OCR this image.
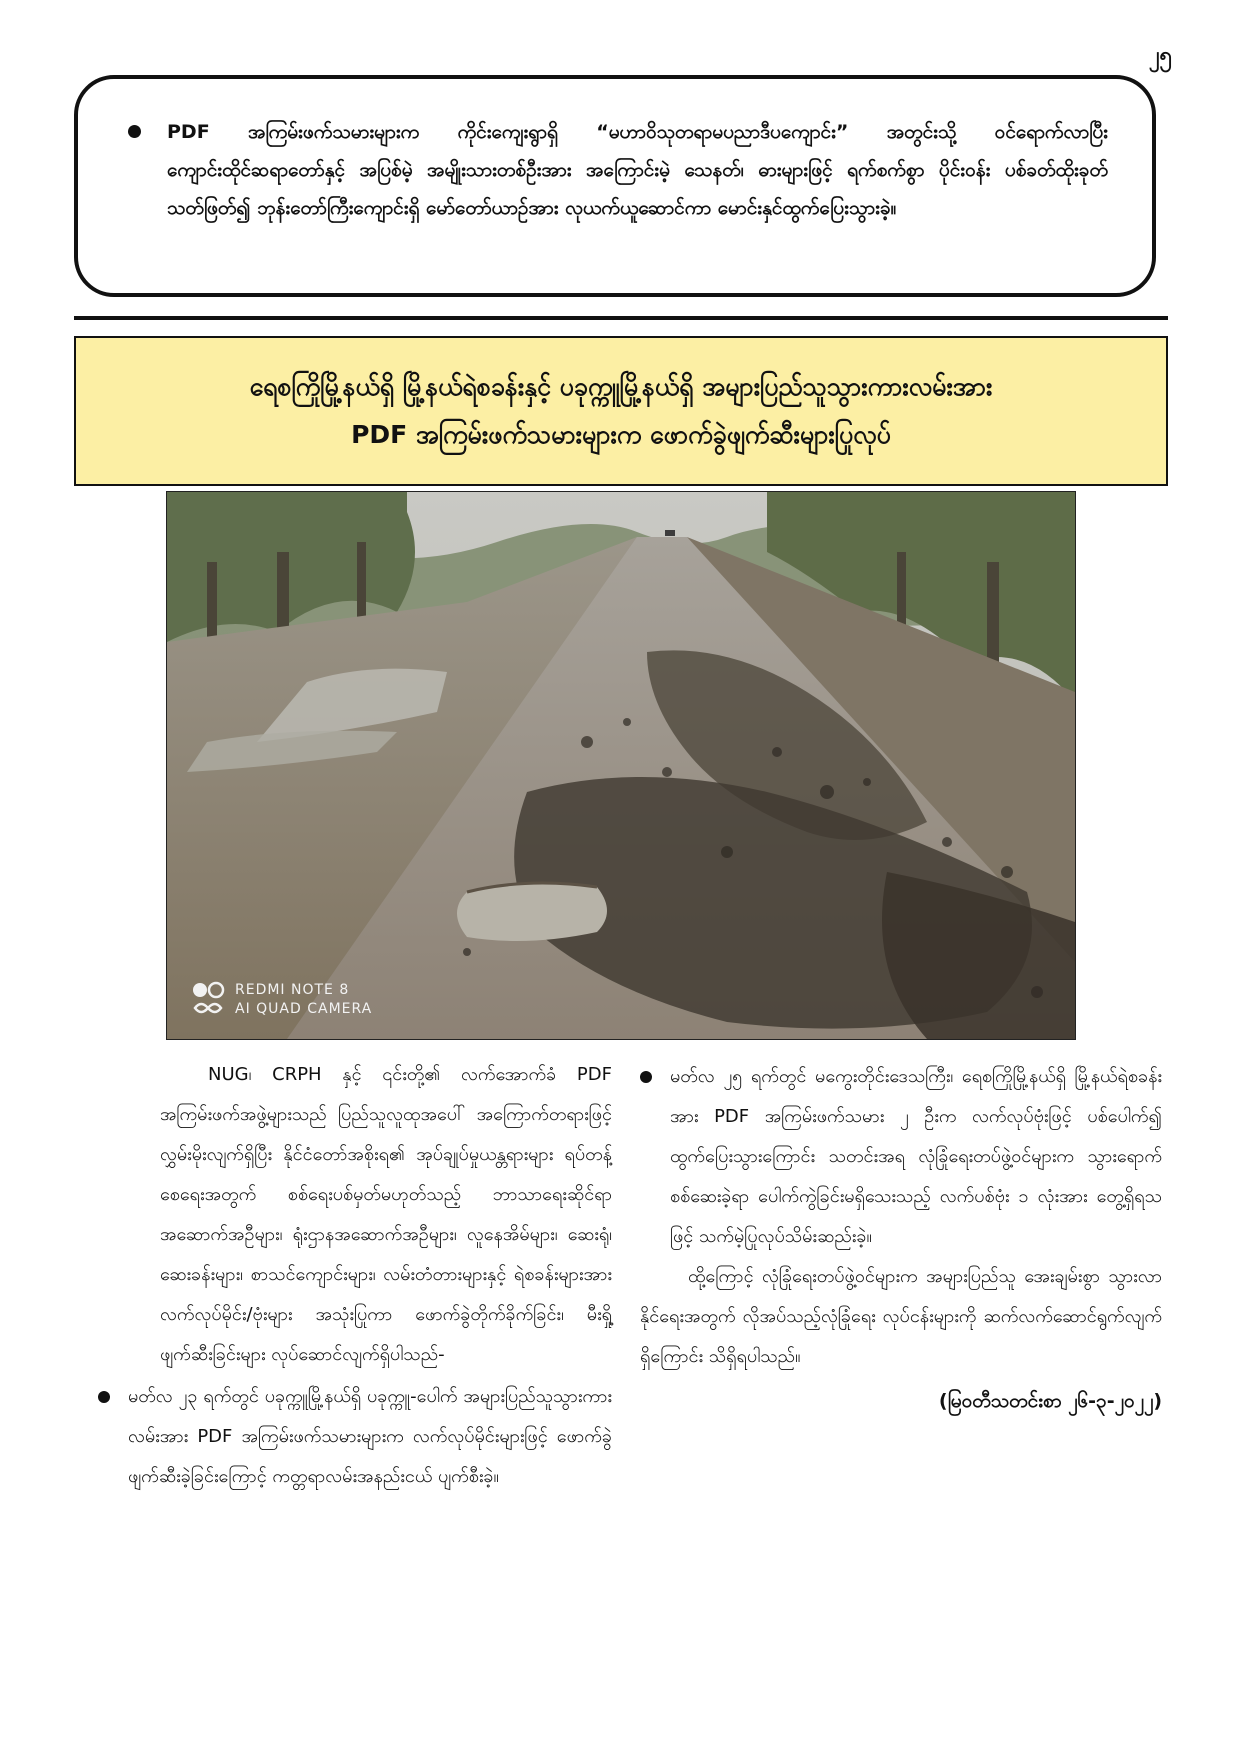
၂၅
PDF အကြမ်းဖက်သမားများက ကိုင်းကျေးရွာရှိ “မဟာဝိသုတရာမပညာဒီပကျောင်း” အတွင်းသို့ ဝင်ရောက်လာပြီး ကျောင်းထိုင်ဆရာတော်နှင့် အပြစ်မဲ့ အမျိုးသားတစ်ဦးအား အကြောင်းမဲ့ သေနတ်၊ ဓားများဖြင့် ရက်စက်စွာ ပိုင်းဝန်း ပစ်ခတ်ထိုးခုတ်သတ်ဖြတ်၍ ဘုန်းတော်ကြီးကျောင်းရှိ မော်တော်ယာဉ်အား လုယက်ယူဆောင်ကာ မောင်းနှင်ထွက်ပြေးသွားခဲ့။
ရေစကြိုမြို့နယ်ရှိ မြို့နယ်ရဲစခန်းနှင့် ပခုက္ကူမြို့နယ်ရှိ အများပြည်သူသွားကားလမ်းအား
PDF အကြမ်းဖက်သမားများက ဖောက်ခွဲဖျက်ဆီးများပြုလုပ်
REDMI NOTE 8
AI QUAD CAMERA

NUG၊ CRPH နှင့် ၎င်းတို့၏ လက်အောက်ခံ PDF အကြမ်းဖက်အဖွဲ့များသည် ပြည်သူလူထုအပေါ် အကြောက်တရားဖြင့် လွှမ်းမိုးလျက်ရှိပြီး နိုင်ငံတော်အစိုးရ၏ အုပ်ချုပ်မှုယန္တရားများ ရပ်တန့်စေရေးအတွက် စစ်ရေးပစ်မှတ်မဟုတ်သည့် ဘာသာရေးဆိုင်ရာအဆောက်အဦများ၊ ရုံးဌာနအဆောက်အဦများ၊ လူနေအိမ်များ၊ ဆေးရုံ၊ ဆေးခန်းများ၊ စာသင်ကျောင်းများ၊ လမ်းတံတားများနှင့် ရဲစခန်းများအား လက်လုပ်မိုင်း/ဗုံးများ အသုံးပြုကာ ဖောက်ခွဲတိုက်ခိုက်ခြင်း၊ မီးရှို့ဖျက်ဆီးခြင်းများ လုပ်ဆောင်လျက်ရှိပါသည်-

မတ်လ ၂၃ ရက်တွင် ပခုက္ကူမြို့နယ်ရှိ ပခုက္ကူ-ပေါက် အများပြည်သူသွားကားလမ်းအား PDF အကြမ်းဖက်သမားများက လက်လုပ်မိုင်းများဖြင့် ဖောက်ခွဲဖျက်ဆီးခဲ့ခြင်းကြောင့် ကတ္တရာလမ်းအနည်းငယ် ပျက်စီးခဲ့။

မတ်လ ၂၅ ရက်တွင် မကွေးတိုင်းဒေသကြီး၊ ရေစကြိုမြို့နယ်ရှိ မြို့နယ်ရဲစခန်းအား PDF အကြမ်းဖက်သမား ၂ ဦးက လက်လုပ်ဗုံးဖြင့် ပစ်ပေါက်၍ ထွက်ပြေးသွားကြောင်း သတင်းအရ လုံခြုံရေးတပ်ဖွဲ့ဝင်များက သွားရောက်စစ်ဆေးခဲ့ရာ ပေါက်ကွဲခြင်းမရှိသေးသည့် လက်ပစ်ဗုံး ၁ လုံးအား တွေ့ရှိရသဖြင့် သက်မဲ့ပြုလုပ်သိမ်းဆည်းခဲ့။

ထို့ကြောင့် လုံခြုံရေးတပ်ဖွဲ့ဝင်များက အများပြည်သူ အေးချမ်းစွာ သွားလာနိုင်ရေးအတွက် လိုအပ်သည့်လုံခြုံရေး လုပ်ငန်းများကို ဆက်လက်ဆောင်ရွက်လျက်ရှိကြောင်း သိရှိရပါသည်။

(မြဝတီသတင်းစာ ၂၆-၃-၂၀၂၂)
